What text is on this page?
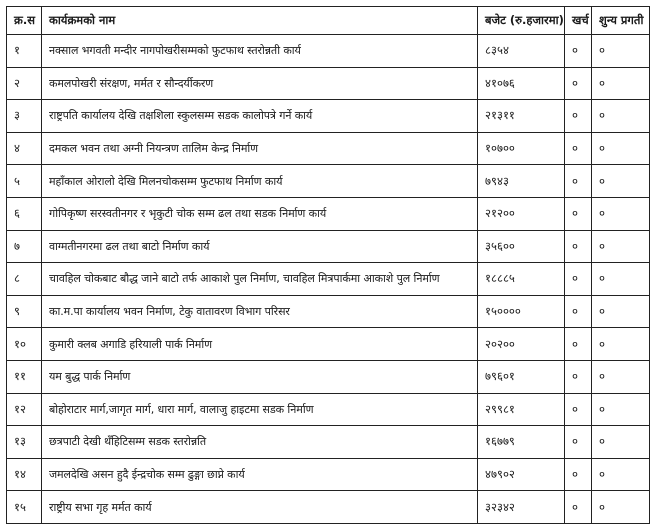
क्र.स	कार्यक्रमको नाम	बजेट (रु.हजारमा)	खर्च	शुन्य प्रगती
१	नक्साल भगवती मन्दीर नागपोखरीसम्मको फुटफाथ स्तरोन्नती कार्य	८३५४	०	०
२	कमलपोखरी संरक्षण, मर्मत र सौन्दर्यीकरण	४१०७६	०	०
३	राष्ट्रपति कार्यालय देखि तक्षशिला स्कुलसम्म सडक कालोपत्रे गर्ने कार्य	२१३११	०	०
४	दमकल भवन तथा अग्नी नियन्त्रण तालिम केन्द्र निर्माण	१०७००	०	०
५	महाँकाल ओरालो देखि मिलनचोकसम्म फुटफाथ निर्माण कार्य	७९४३	०	०
६	गोपिकृष्ण सरस्वतीनगर र भृकुटी चोक सम्म ढल तथा सडक निर्माण कार्य	२१२००	०	०
७	वाग्मतीनगरमा ढल तथा बाटो निर्माण कार्य	३५६००	०	०
८	चावहिल चोकबाट बौद्ध जाने बाटो तर्फ आकाशे पुल निर्माण, चावहिल मित्रपार्कमा आकाशे पुल निर्माण	१८८८५	०	०
९	का.म.पा कार्यालय भवन निर्माण, टेकु वातावरण विभाग परिसर	१५००००	०	०
१०	कुमारी क्लब अगाडि हरियाली पार्क निर्माण	२०२००	०	०
११	यम बुद्ध पार्क निर्माण	७९६०१	०	०
१२	बोहोराटार मार्ग,जागृत मार्ग, धारा मार्ग, वालाजु हाइटमा सडक निर्माण	२९९८१	०	०
१३	छत्रपाटी देखी थँहिटिसम्म सडक स्तरोन्नति	१६७७९	०	०
१४	जमलदेखि असन हुदै ईन्द्रचोक सम्म ढुङ्गा छाप्ने कार्य	४७९०२	०	०
१५	राष्ट्रीय सभा गृह मर्मत कार्य	३२३४२	०	०
